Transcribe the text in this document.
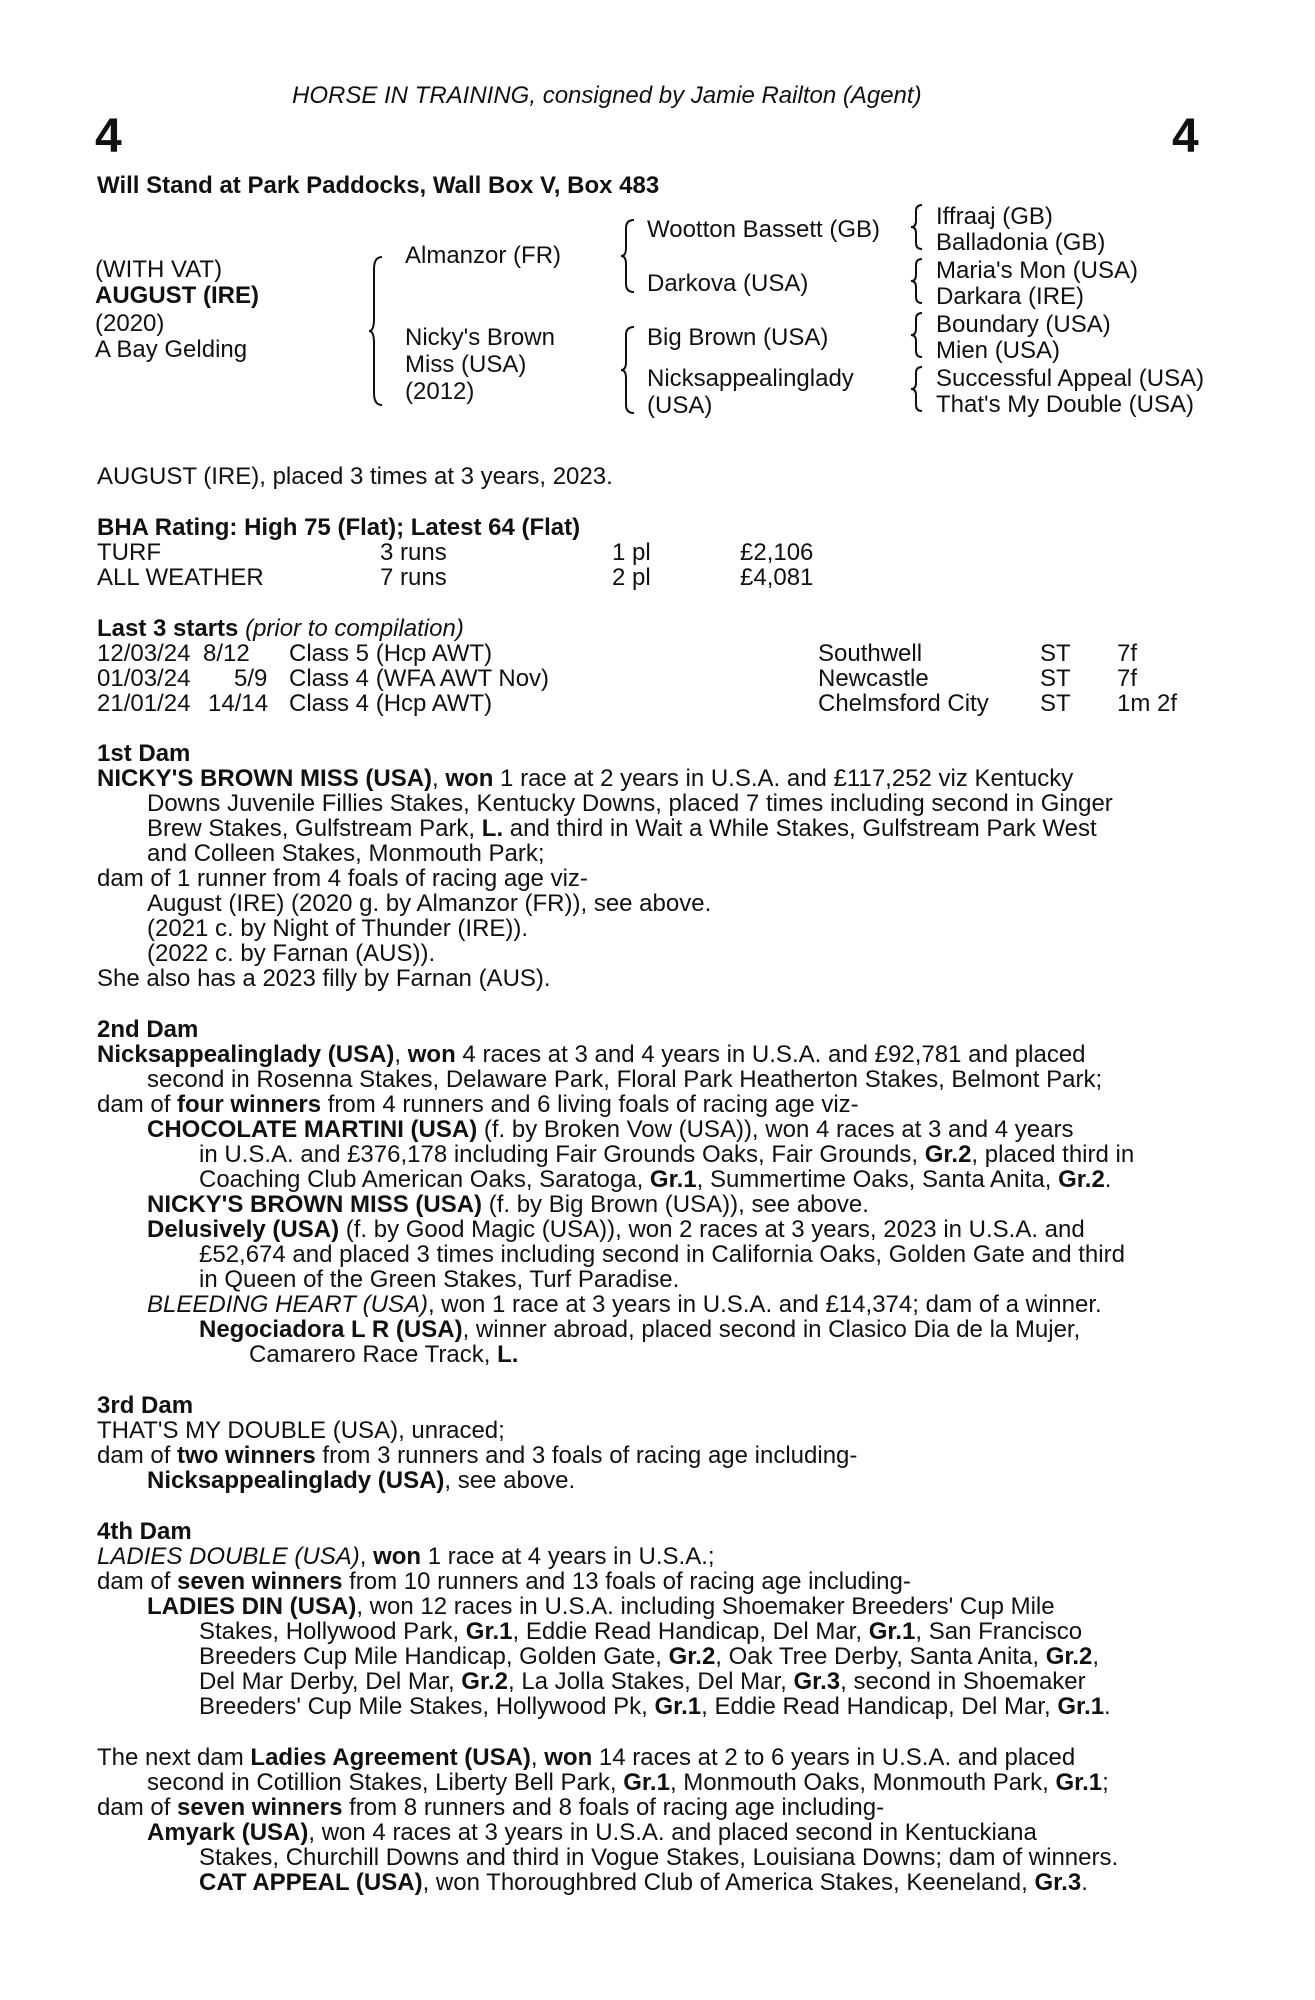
HORSE IN TRAINING, consigned by Jamie Railton (Agent)
4	4
Will Stand at Park Paddocks, Wall Box V, Box 483
(WITH VAT)
AUGUST (IRE)
(2020)
A Bay Gelding
Almanzor (FR)
Nicky's Brown
Miss (USA)
(2012)
Wootton Bassett (GB)
Darkova (USA)
Big Brown (USA)
Nicksappealinglady
(USA)
Iffraaj (GB)
Balladonia (GB)
Maria's Mon (USA)
Darkara (IRE)
Boundary (USA)
Mien (USA)
Successful Appeal (USA)
That's My Double (USA)
AUGUST (IRE), placed 3 times at 3 years, 2023.
BHA Rating: High 75 (Flat); Latest 64 (Flat)
TURF	3 runs	1 pl	£2,106
ALL WEATHER	7 runs	2 pl	£4,081
Last 3 starts (prior to compilation)
12/03/24 8/12 Class 5 (Hcp AWT)	Southwell	ST 7f
01/03/24 5/9 Class 4 (WFA AWT Nov)	Newcastle	ST 7f
21/01/24 14/14 Class 4 (Hcp AWT)	Chelmsford City ST 1m 2f
1st Dam
NICKY'S BROWN MISS (USA), won 1 race at 2 years in U.S.A. and £117,252 viz Kentucky
Downs Juvenile Fillies Stakes, Kentucky Downs, placed 7 times including second in Ginger
Brew Stakes, Gulfstream Park, L. and third in Wait a While Stakes, Gulfstream Park West
and Colleen Stakes, Monmouth Park;
dam of 1 runner from 4 foals of racing age viz-
August (IRE) (2020 g. by Almanzor (FR)), see above.
(2021 c. by Night of Thunder (IRE)).
(2022 c. by Farnan (AUS)).
She also has a 2023 filly by Farnan (AUS).
2nd Dam
Nicksappealinglady (USA), won 4 races at 3 and 4 years in U.S.A. and £92,781 and placed
second in Rosenna Stakes, Delaware Park, Floral Park Heatherton Stakes, Belmont Park;
dam of four winners from 4 runners and 6 living foals of racing age viz-
CHOCOLATE MARTINI (USA) (f. by Broken Vow (USA)), won 4 races at 3 and 4 years
in U.S.A. and £376,178 including Fair Grounds Oaks, Fair Grounds, Gr.2, placed third in
Coaching Club American Oaks, Saratoga, Gr.1, Summertime Oaks, Santa Anita, Gr.2.
NICKY'S BROWN MISS (USA) (f. by Big Brown (USA)), see above.
Delusively (USA) (f. by Good Magic (USA)), won 2 races at 3 years, 2023 in U.S.A. and
£52,674 and placed 3 times including second in California Oaks, Golden Gate and third
in Queen of the Green Stakes, Turf Paradise.
BLEEDING HEART (USA), won 1 race at 3 years in U.S.A. and £14,374; dam of a winner.
Negociadora L R (USA), winner abroad, placed second in Clasico Dia de la Mujer,
Camarero Race Track, L.
3rd Dam
THAT'S MY DOUBLE (USA), unraced;
dam of two winners from 3 runners and 3 foals of racing age including-
Nicksappealinglady (USA), see above.
4th Dam
LADIES DOUBLE (USA), won 1 race at 4 years in U.S.A.;
dam of seven winners from 10 runners and 13 foals of racing age including-
LADIES DIN (USA), won 12 races in U.S.A. including Shoemaker Breeders' Cup Mile
Stakes, Hollywood Park, Gr.1, Eddie Read Handicap, Del Mar, Gr.1, San Francisco
Breeders Cup Mile Handicap, Golden Gate, Gr.2, Oak Tree Derby, Santa Anita, Gr.2,
Del Mar Derby, Del Mar, Gr.2, La Jolla Stakes, Del Mar, Gr.3, second in Shoemaker
Breeders' Cup Mile Stakes, Hollywood Pk, Gr.1, Eddie Read Handicap, Del Mar, Gr.1.
The next dam Ladies Agreement (USA), won 14 races at 2 to 6 years in U.S.A. and placed
second in Cotillion Stakes, Liberty Bell Park, Gr.1, Monmouth Oaks, Monmouth Park, Gr.1;
dam of seven winners from 8 runners and 8 foals of racing age including-
Amyark (USA), won 4 races at 3 years in U.S.A. and placed second in Kentuckiana
Stakes, Churchill Downs and third in Vogue Stakes, Louisiana Downs; dam of winners.
CAT APPEAL (USA), won Thoroughbred Club of America Stakes, Keeneland, Gr.3.
